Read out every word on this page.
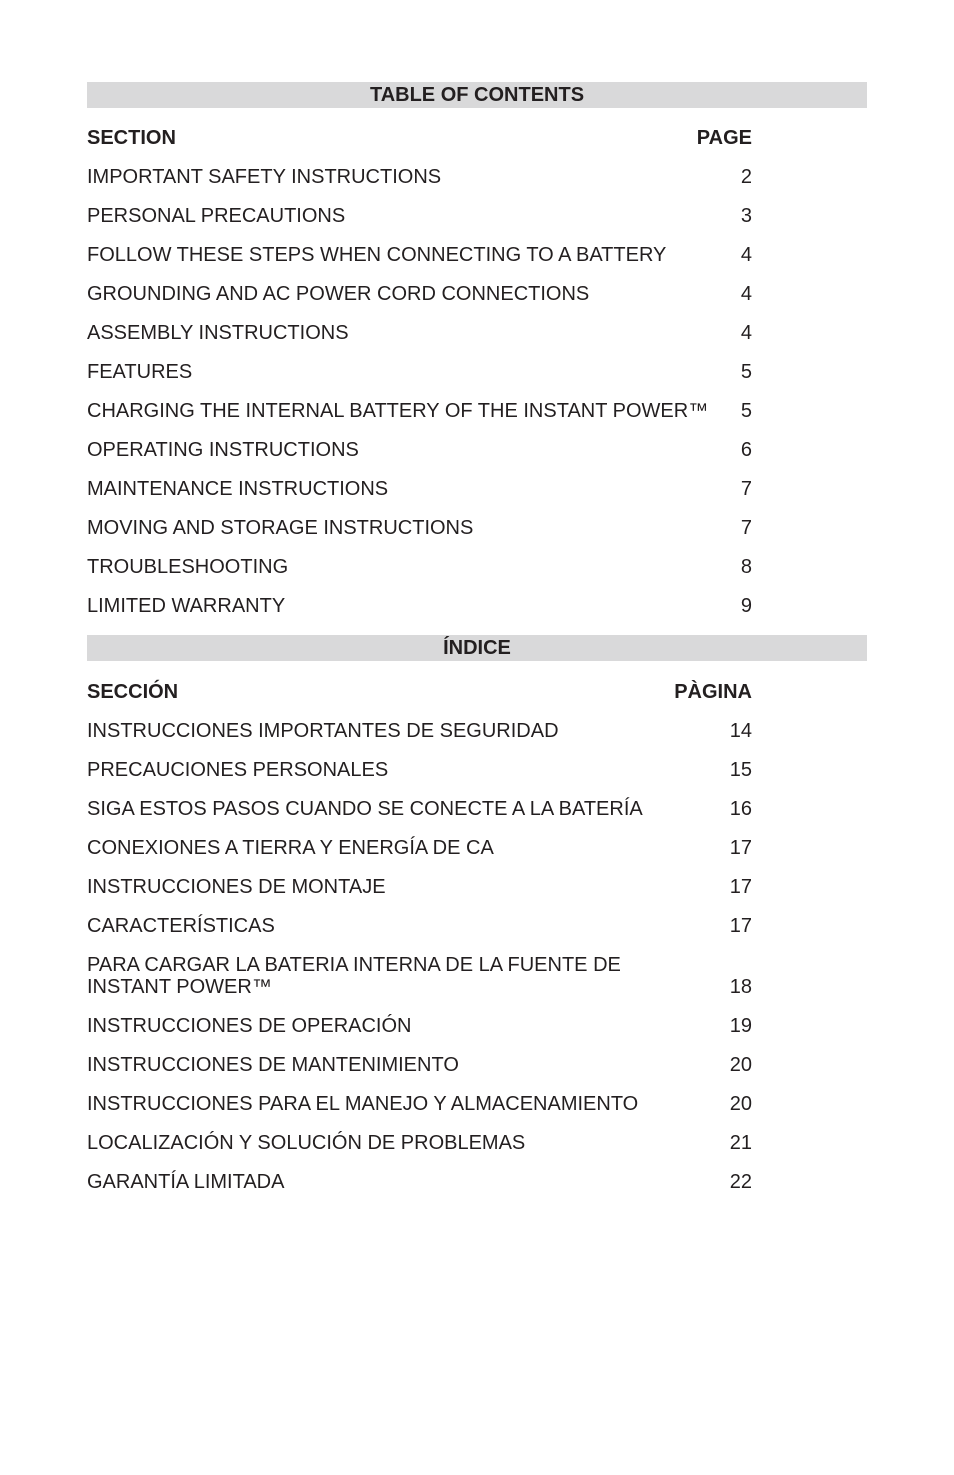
TABLE OF CONTENTS
SECTION	PAGE
IMPORTANT SAFETY INSTRUCTIONS	2
PERSONAL PRECAUTIONS	3
FOLLOW THESE STEPS WHEN CONNECTING TO A BATTERY	4
GROUNDING AND AC POWER CORD CONNECTIONS	4
ASSEMBLY INSTRUCTIONS	4
FEATURES	5
CHARGING THE INTERNAL BATTERY OF THE INSTANT POWER™	5
OPERATING INSTRUCTIONS	6
MAINTENANCE INSTRUCTIONS	7
MOVING AND STORAGE INSTRUCTIONS	7
TROUBLESHOOTING	8
LIMITED WARRANTY	9
ÍNDICE
SECCIÓN	PÀGINA
INSTRUCCIONES IMPORTANTES DE SEGURIDAD	14
PRECAUCIONES PERSONALES	15
SIGA ESTOS PASOS CUANDO SE CONECTE A LA BATERÍA	16
CONEXIONES A TIERRA Y ENERGÍA DE CA	17
INSTRUCCIONES DE MONTAJE	17
CARACTERÍSTICAS	17
PARA CARGAR LA BATERIA INTERNA DE LA FUENTE DE INSTANT POWER™	18
INSTRUCCIONES DE OPERACIÓN	19
INSTRUCCIONES DE MANTENIMIENTO	20
INSTRUCCIONES PARA EL MANEJO Y ALMACENAMIENTO	20
LOCALIZACIÓN Y SOLUCIÓN DE PROBLEMAS	21
GARANTÍA LIMITADA	22
